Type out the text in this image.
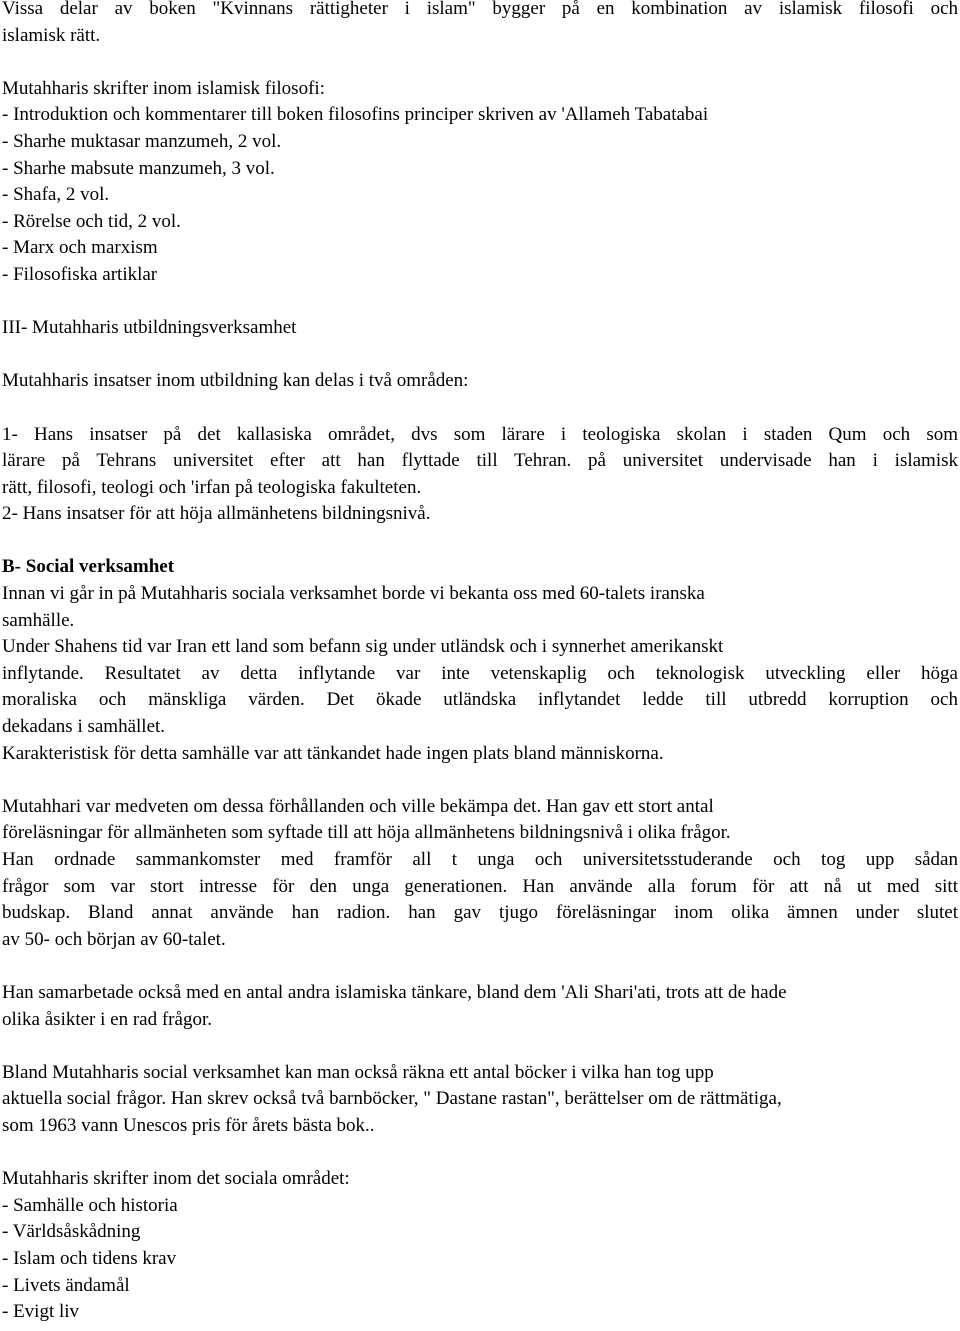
Vissa delar av boken "Kvinnans rättigheter i islam" bygger på en kombination av islamisk filosofi och
islamisk rätt.
Mutahharis skrifter inom islamisk filosofi:
- Introduktion och kommentarer till boken filosofins principer skriven av 'Allameh Tabatabai
- Sharhe muktasar manzumeh, 2 vol.
- Sharhe mabsute manzumeh, 3 vol.
- Shafa, 2 vol.
- Rörelse och tid, 2 vol.
- Marx och marxism
- Filosofiska artiklar
III- Mutahharis utbildningsverksamhet
Mutahharis insatser inom utbildning kan delas i två områden:
1- Hans insatser på det kallasiska området, dvs som lärare i teologiska skolan i staden Qum och som
lärare på Tehrans universitet efter att han flyttade till Tehran. på universitet undervisade han i islamisk
rätt, filosofi, teologi och 'irfan på teologiska fakulteten.
2- Hans insatser för att höja allmänhetens bildningsnivå.
B- Social verksamhet
Innan vi går in på Mutahharis sociala verksamhet borde vi bekanta oss med 60-talets iranska
samhälle.
Under Shahens tid var Iran ett land som befann sig under utländsk och i synnerhet amerikanskt
inflytande. Resultatet av detta inflytande var inte vetenskaplig och teknologisk utveckling eller höga
moraliska och mänskliga värden. Det ökade utländska inflytandet ledde till utbredd korruption och
dekadans i samhället.
Karakteristisk för detta samhälle var att tänkandet hade ingen plats bland människorna.
Mutahhari var medveten om dessa förhållanden och ville bekämpa det. Han gav ett stort antal
föreläsningar för allmänheten som syftade till att höja allmänhetens bildningsnivå i olika frågor.
Han ordnade sammankomster med framför all t unga och universitetsstuderande och tog upp sådan
frågor som var stort intresse för den unga generationen. Han använde alla forum för att nå ut med sitt
budskap. Bland annat använde han radion. han gav tjugo föreläsningar inom olika ämnen under slutet
av 50- och början av 60-talet.
Han samarbetade också med en antal andra islamiska tänkare, bland dem 'Ali Shari'ati, trots att de hade
olika åsikter i en rad frågor.
Bland Mutahharis social verksamhet kan man också räkna ett antal böcker i vilka han tog upp
aktuella social frågor. Han skrev också två barnböcker, " Dastane rastan", berättelser om de rättmätiga,
som 1963 vann Unescos pris för årets bästa bok..
Mutahharis skrifter inom det sociala området:
- Samhälle och historia
- Världsåskådning
- Islam och tidens krav
- Livets ändamål
- Evigt liv
